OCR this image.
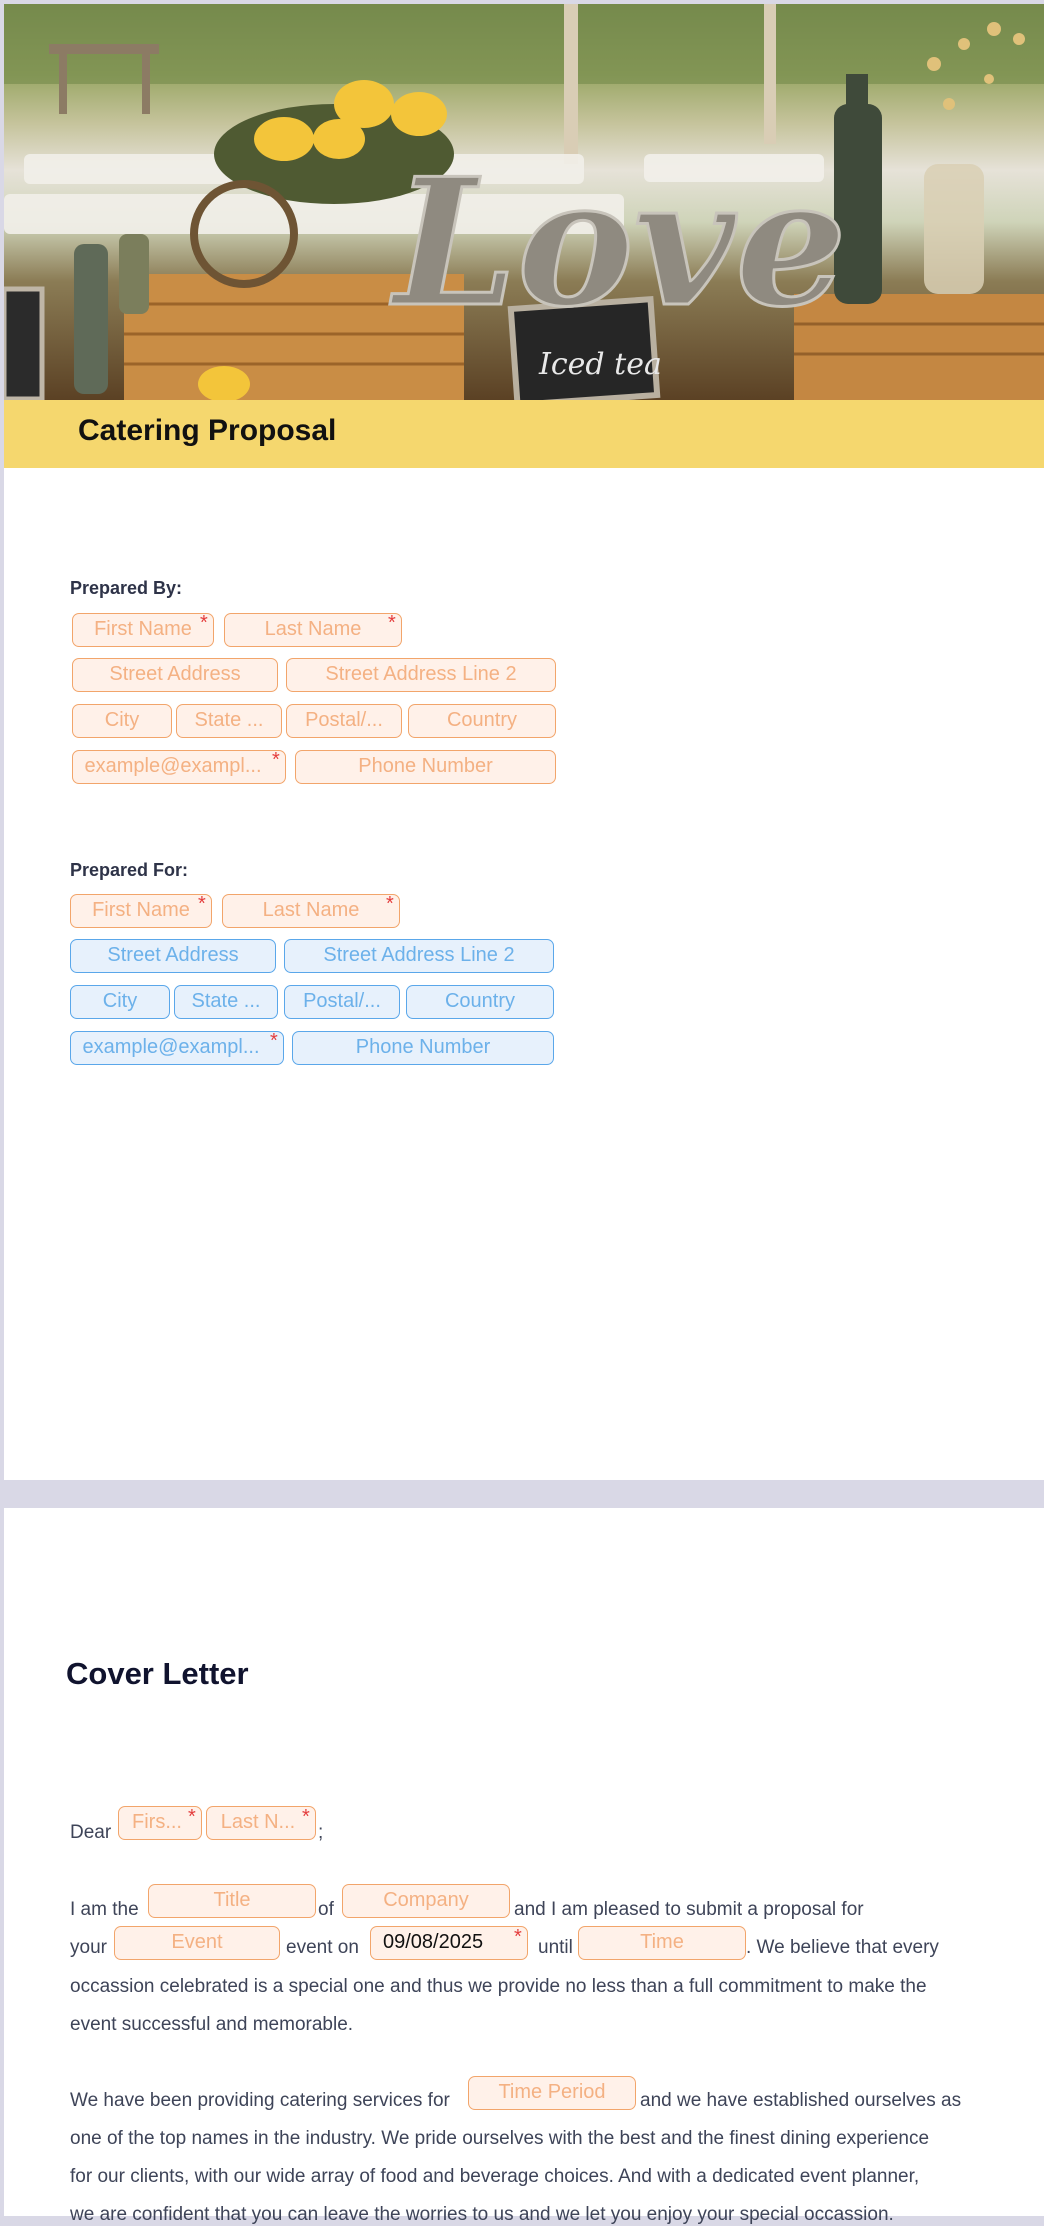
Iced tea
Love
Catering Proposal
Prepared By:
First Name *	Last Name	*
Street Address	Street Address Line 2
City	State ...	Postal/...	Country
example@exampl... *	Phone Number
Prepared For:
First Name *	Last Name	*
Street Address	Street Address Line 2
City	State ...	Postal/...	Country
example@exampl... *	Phone Number
Cover Letter
Dear	Firs... *	Last N... *
;
I am the	Title	of	Company	and I am pleased to submit a proposal for
your	Event	event on	09/08/2025	* until	Time	. We believe that every
occassion celebrated is a special one and thus we provide no less than a full commitment to make the
event successful and memorable.
We have been providing catering services for	Time Period	and we have established ourselves as
one of the top names in the industry. We pride ourselves with the best and the finest dining experience
for our clients, with our wide array of food and beverage choices. And with a dedicated event planner,
we are confident that you can leave the worries to us and we let you enjoy your special occassion.
